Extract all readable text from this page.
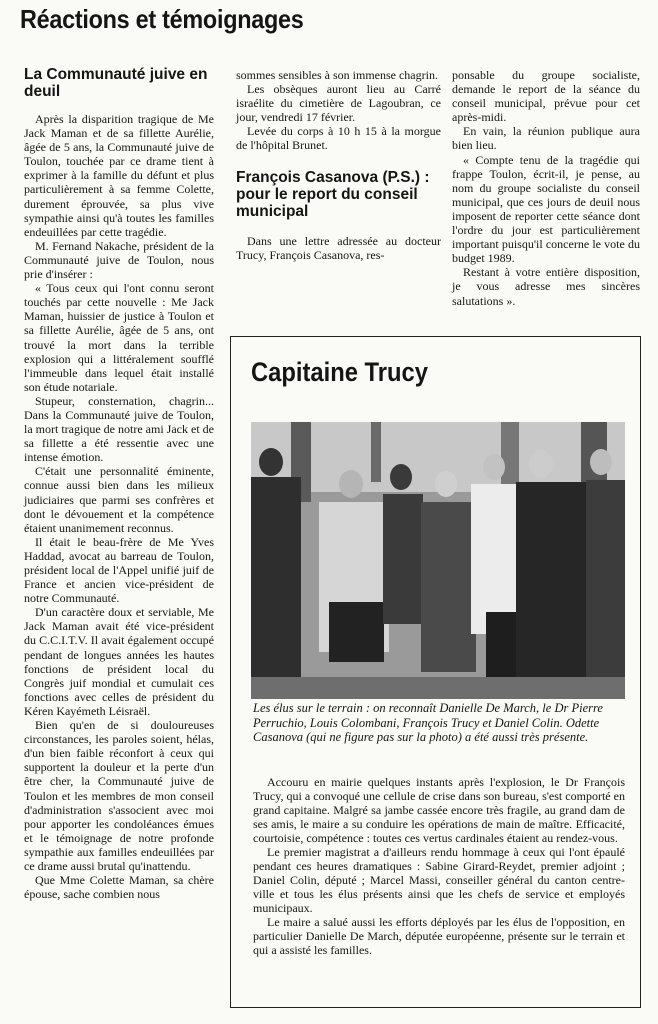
Réactions et témoignages
La Communauté juive en deuil

Après la disparition tragique de Me Jack Maman et de sa fillette Aurélie, âgée de 5 ans, la Communauté juive de Toulon, touchée par ce drame tient à exprimer à la famille du défunt et plus particulièrement à sa femme Colette, durement éprouvée, sa plus vive sympathie ainsi qu'à toutes les familles endeuillées par cette tragédie.

M. Fernand Nakache, président de la Communauté juive de Toulon, nous prie d'insérer :

« Tous ceux qui l'ont connu seront touchés par cette nouvelle : Me Jack Maman, huissier de justice à Toulon et sa fillette Aurélie, âgée de 5 ans, ont trouvé la mort dans la terrible explosion qui a littéralement soufflé l'immeuble dans lequel était installé son étude notariale.

Stupeur, consternation, chagrin... Dans la Communauté juive de Toulon, la mort tragique de notre ami Jack et de sa fillette a été ressentie avec une intense émotion.

C'était une personnalité éminente, connue aussi bien dans les milieux judiciaires que parmi ses confrères et dont le dévouement et la compétence étaient unanimement reconnus.

Il était le beau-frère de Me Yves Haddad, avocat au barreau de Toulon, président local de l'Appel unifié juif de France et ancien vice-président de notre Communauté.

D'un caractère doux et serviable, Me Jack Maman avait été vice-président du C.C.I.T.V. Il avait également occupé pendant de longues années les hautes fonctions de président local du Congrès juif mondial et cumulait ces fonctions avec celles de président du Kéren Kayémeth Léisraël.

Bien qu'en de si douloureuses circonstances, les paroles soient, hélas, d'un bien faible réconfort à ceux qui supportent la douleur et la perte d'un être cher, la Communauté juive de Toulon et les membres de mon conseil d'administration s'associent avec moi pour apporter les condoléances émues et le témoignage de notre profonde sympathie aux familles endeuillées par ce drame aussi brutal qu'inattendu.

Que Mme Colette Maman, sa chère épouse, sache combien nous

sommes sensibles à son immense chagrin.

Les obsèques auront lieu au Carré israélite du cimetière de Lagoubran, ce jour, vendredi 17 février.

Levée du corps à 10 h 15 à la morgue de l'hôpital Brunet.

François Casanova (P.S.) : pour le report du conseil municipal

Dans une lettre adressée au docteur Trucy, François Casanova, res-

ponsable du groupe socialiste, demande le report de la séance du conseil municipal, prévue pour cet après-midi.

En vain, la réunion publique aura bien lieu.

« Compte tenu de la tragédie qui frappe Toulon, écrit-il, je pense, au nom du groupe socialiste du conseil municipal, que ces jours de deuil nous imposent de reporter cette séance dont l'ordre du jour est particulièrement important puisqu'il concerne le vote du budget 1989.

Restant à votre entière disposition, je vous adresse mes sincères salutations ».

Capitaine Trucy
Les élus sur le terrain : on reconnaît Danielle De March, le Dr Pierre Perruchio, Louis Colombani, François Trucy et Daniel Colin. Odette Casanova (qui ne figure pas sur la photo) a été aussi très présente.

Accouru en mairie quelques instants après l'explosion, le Dr François Trucy, qui a convoqué une cellule de crise dans son bureau, s'est comporté en grand capitaine. Malgré sa jambe cassée encore très fragile, au grand dam de ses amis, le maire a su conduire les opérations de main de maître. Efficacité, courtoisie, compétence : toutes ces vertus cardinales étaient au rendez-vous.

Le premier magistrat a d'ailleurs rendu hommage à ceux qui l'ont épaulé pendant ces heures dramatiques : Sabine Girard-Reydet, premier adjoint ; Daniel Colin, député ; Marcel Massi, conseiller général du canton centre-ville et tous les élus présents ainsi que les chefs de service et employés municipaux.

Le maire a salué aussi les efforts déployés par les élus de l'opposition, en particulier Danielle De March, députée européenne, présente sur le terrain et qui a assisté les familles.
